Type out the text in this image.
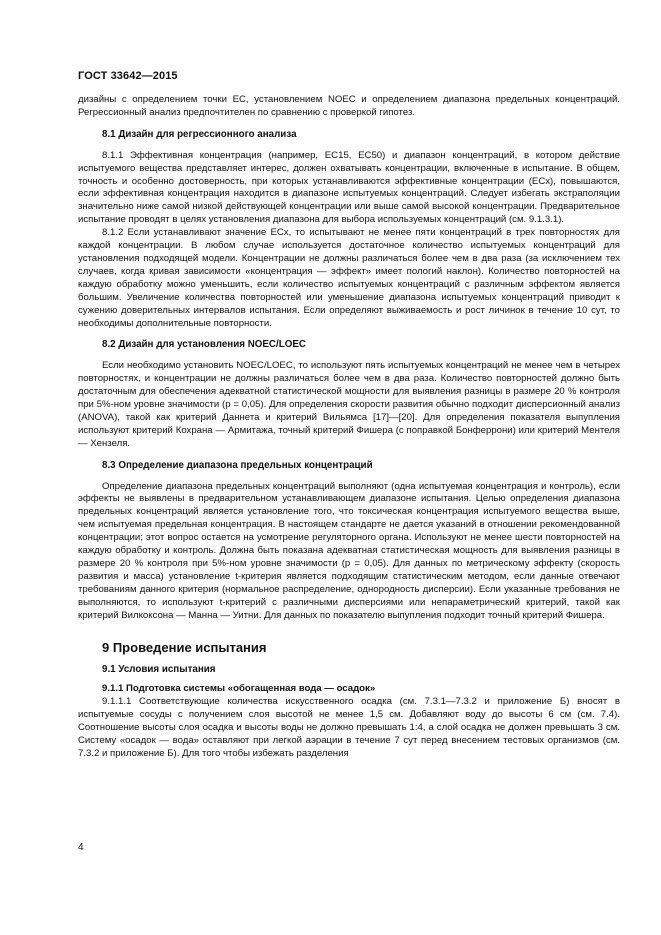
ГОСТ 33642—2015

дизайны с определением точки ЕС, установлением NOEC и определением диапазона предельных концентраций. Регрессионный анализ предпочтителен по сравнению с проверкой гипотез.

8.1 Дизайн для регрессионного анализа

8.1.1 Эффективная концентрация (например, EC15, EC50) и диапазон концентраций, в котором действие испытуемого вещества представляет интерес, должен охватывать концентрации, включенные в испытание. В общем, точность и особенно достоверность, при которых устанавливаются эффективные концентрации (ECx), повышаются, если эффективная концентрация находится в диапазоне испытуемых концентраций. Следует избегать экстраполяции значительно ниже самой низкой действующей концентрации или выше самой высокой концентрации. Предварительное испытание проводят в целях установления диапазона для выбора используемых концентраций (см. 9.1.3.1).

8.1.2 Если устанавливают значение ECx, то испытывают не менее пяти концентраций в трех повторностях для каждой концентрации. В любом случае используется достаточное количество испытуемых концентраций для установления подходящей модели. Концентрации не должны различаться более чем в два раза (за исключением тех случаев, когда кривая зависимости «концентрация — эффект» имеет пологий наклон). Количество повторностей на каждую обработку можно уменьшить, если количество испытуемых концентраций с различным эффектом является большим. Увеличение количества повторностей или уменьшение диапазона испытуемых концентраций приводит к сужению доверительных интервалов испытания. Если определяют выживаемость и рост личинок в течение 10 сут, то необходимы дополнительные повторности.

8.2 Дизайн для установления NOEC/LOEC

Если необходимо установить NOEC/LOEC, то используют пять испытуемых концентраций не менее чем в четырех повторностях, и концентрации не должны различаться более чем в два раза. Количество повторностей должно быть достаточным для обеспечения адекватной статистической мощности для выявления разницы в размере 20 % контроля при 5%-ном уровне значимости (р = 0,05). Для определения скорости развития обычно подходит дисперсионный анализ (ANOVA), такой как критерий Даннета и критерий Вильямса [17]—[20]. Для определения показателя выпупления используют критерий Кохрана — Армитажа, точный критерий Фишера (с поправкой Бонферрони) или критерий Ментеля — Хензеля.

8.3 Определение диапазона предельных концентраций

Определение диапазона предельных концентраций выполняют (одна испытуемая концентрация и контроль), если эффекты не выявлены в предварительном устанавливающем диапазоне испытания. Целью определения диапазона предельных концентраций является установление того, что токсическая концентрация испытуемого вещества выше, чем испытуемая предельная концентрация. В настоящем стандарте не дается указаний в отношении рекомендованной концентрации; этот вопрос остается на усмотрение регуляторного органа. Используют не менее шести повторностей на каждую обработку и контроль. Должна быть показана адекватная статистическая мощность для выявления разницы в размере 20 % контроля при 5%-ном уровне значимости (р = 0,05). Для данных по метрическому эффекту (скорость развития и масса) установление t-критерия является подходящим статистическим методом, если данные отвечают требованиям данного критерия (нормальное распределение, однородность дисперсии). Если указанные требования не выполняются, то используют t-критерий с различными дисперсиями или непараметрический критерий, такой как критерий Вилкоксона — Манна — Уитни. Для данных по показателю выпупления подходит точный критерий Фишера.

9 Проведение испытания
9.1 Условия испытания
9.1.1 Подготовка системы «обогащенная вода — осадок»

9.1.1.1 Соответствующие количества искусственного осадка (см. 7.3.1—7.3.2 и приложение Б) вносят в испытуемые сосуды с получением слоя высотой не менее 1,5 см. Добавляют воду до высоты 6 см (см. 7.4). Соотношение высоты слоя осадка и высоты воды не должно превышать 1:4, а слой осадка не должен превышать 3 см. Систему «осадок — вода» оставляют при легкой аэрации в течение 7 сут перед внесением тестовых организмов (см. 7.3.2 и приложение Б). Для того чтобы избежать разделения

4
